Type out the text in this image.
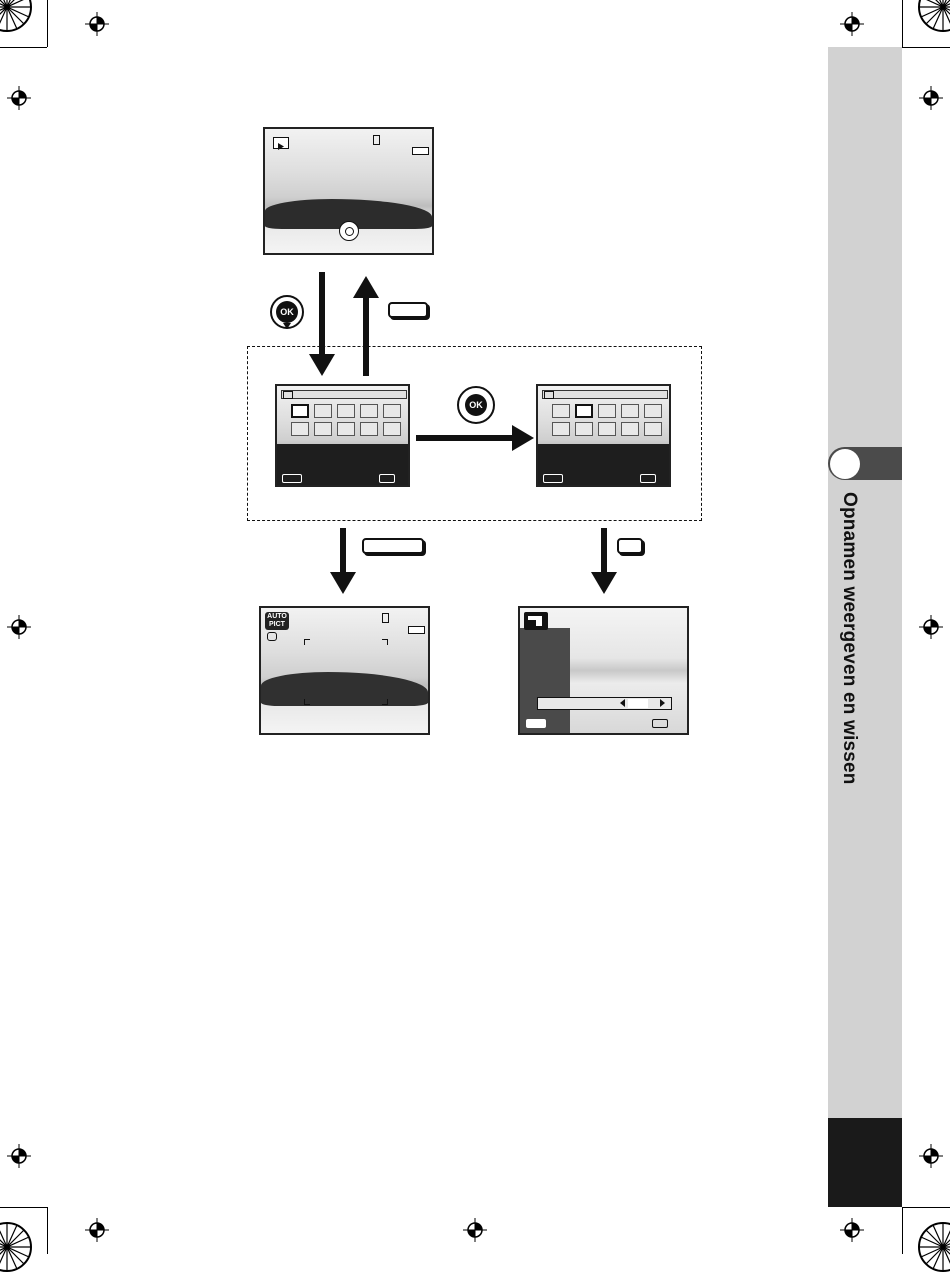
Opnamen weergeven en wissen
OK
OK
AUTO
PICT
